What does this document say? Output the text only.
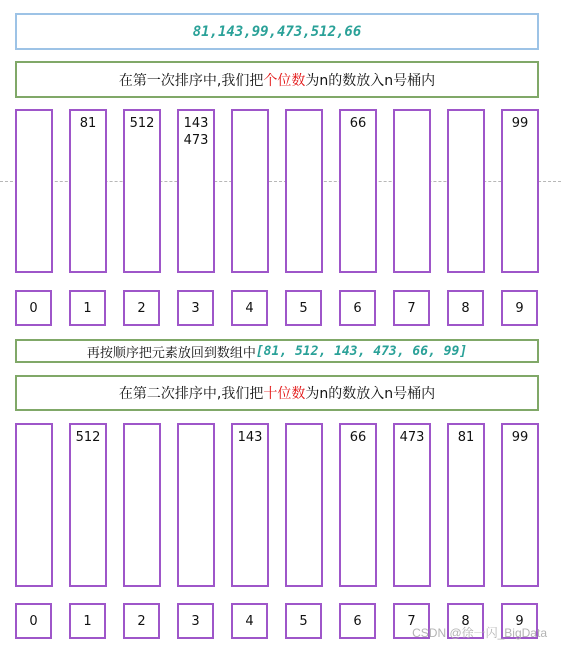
81,143,99,473,512,66
在第一次排序中,我们把 个位数 为n的数放入n号桶内
81	512	143
473
66	99
0	1	2	3	4	5	6	7	8	9
再按顺序把元素放回到数组中 [81, 512, 143, 473, 66, 99]
在第二次排序中,我们把 十位数 为n的数放入n号桶内
512	143	66	473	81	99
0	1	2	3	4	5	6	7	8	9
CSDN @徐一闪_BigData
